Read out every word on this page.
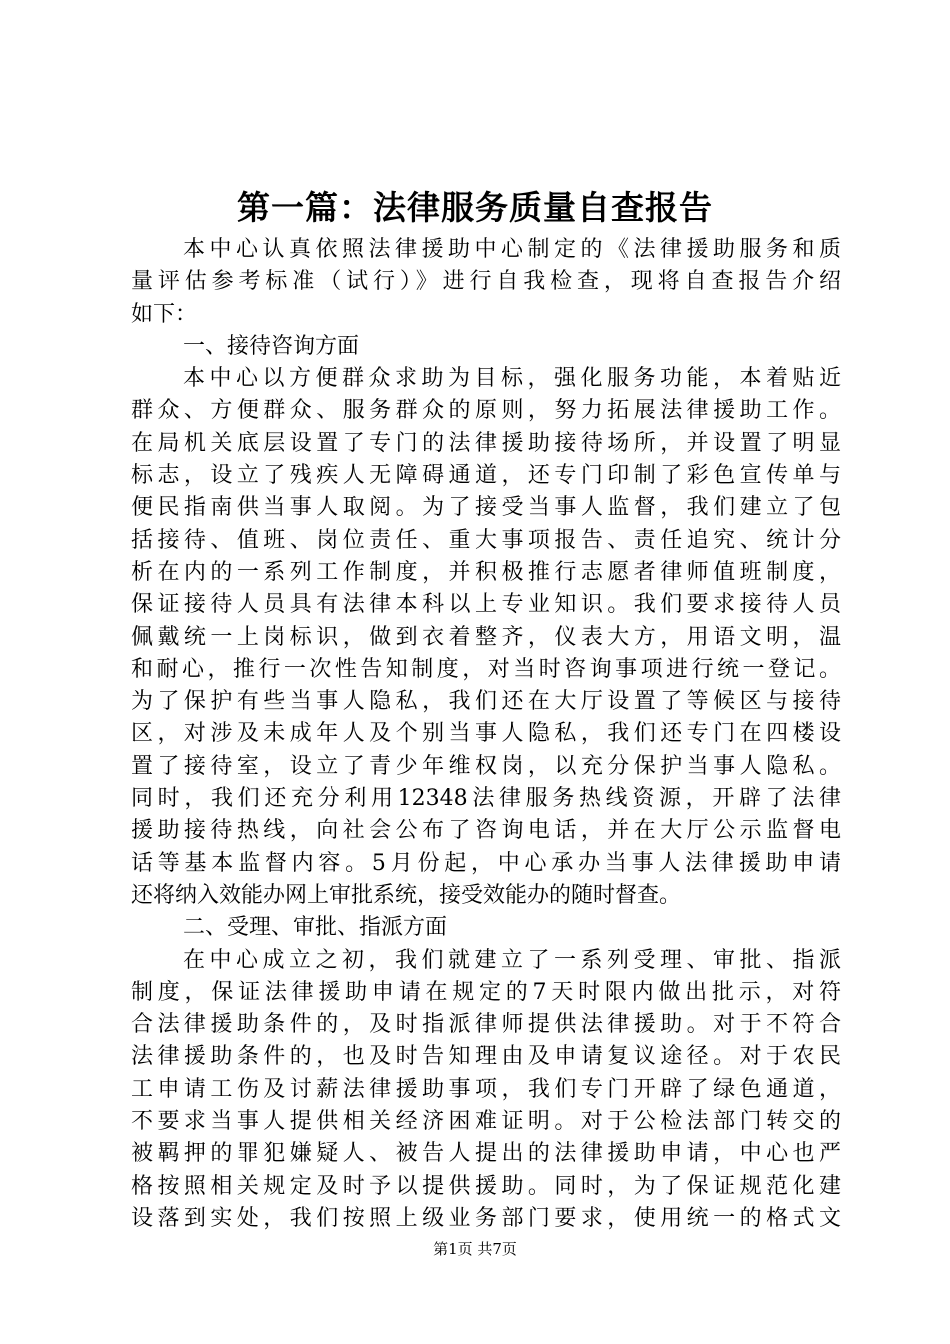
第一篇：法律服务质量自查报告
本中心认真依照法律援助中心制定的《法律援助服务和质
量评估参考标准（试行）》进行自我检查，现将自查报告介绍
如下：
一、接待咨询方面
本中心以方便群众求助为目标，强化服务功能，本着贴近
群众、方便群众、服务群众的原则，努力拓展法律援助工作。
在局机关底层设置了专门的法律援助接待场所，并设置了明显
标志，设立了残疾人无障碍通道，还专门印制了彩色宣传单与
便民指南供当事人取阅。为了接受当事人监督，我们建立了包
括接待、值班、岗位责任、重大事项报告、责任追究、统计分
析在内的一系列工作制度，并积极推行志愿者律师值班制度，
保证接待人员具有法律本科以上专业知识。我们要求接待人员
佩戴统一上岗标识，做到衣着整齐，仪表大方，用语文明，温
和耐心，推行一次性告知制度，对当时咨询事项进行统一登记。
为了保护有些当事人隐私，我们还在大厅设置了等候区与接待
区，对涉及未成年人及个别当事人隐私，我们还专门在四楼设
置了接待室，设立了青少年维权岗，以充分保护当事人隐私。
同时，我们还充分利用12348法律服务热线资源，开辟了法律
援助接待热线，向社会公布了咨询电话，并在大厅公示监督电
话等基本监督内容。5月份起，中心承办当事人法律援助申请
还将纳入效能办网上审批系统，接受效能办的随时督查。
二、受理、审批、指派方面
在中心成立之初，我们就建立了一系列受理、审批、指派
制度，保证法律援助申请在规定的7天时限内做出批示，对符
合法律援助条件的，及时指派律师提供法律援助。对于不符合
法律援助条件的，也及时告知理由及申请复议途径。对于农民
工申请工伤及讨薪法律援助事项，我们专门开辟了绿色通道，
不要求当事人提供相关经济困难证明。对于公检法部门转交的
被羁押的罪犯嫌疑人、被告人提出的法律援助申请，中心也严
格按照相关规定及时予以提供援助。同时，为了保证规范化建
设落到实处，我们按照上级业务部门要求，使用统一的格式文
第1页 共7页
